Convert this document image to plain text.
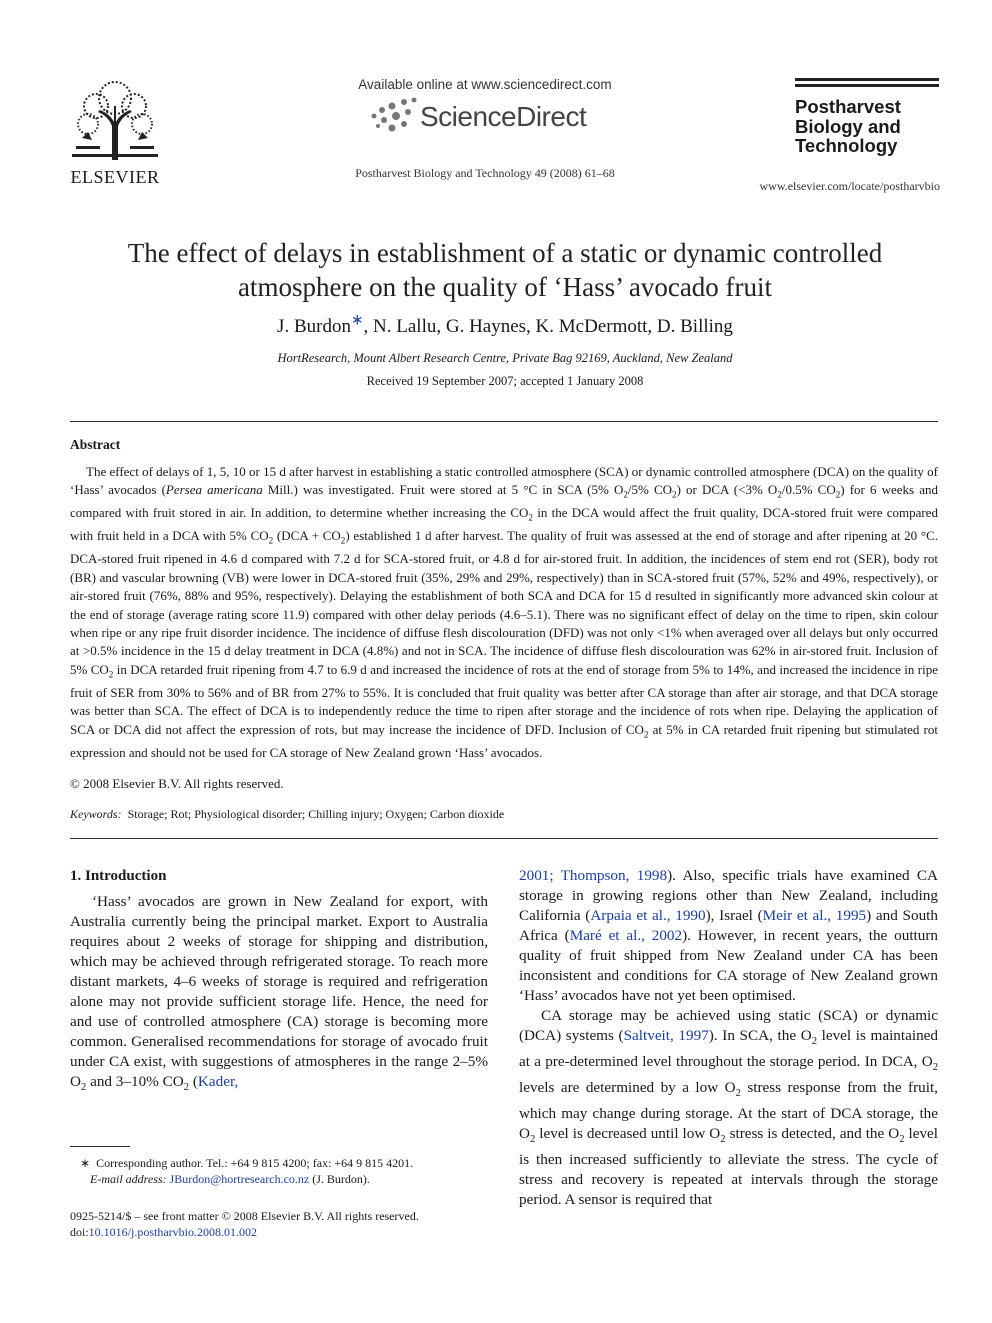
ELSEVIER
Available online at www.sciencedirect.com
ScienceDirect
Postharvest Biology and Technology 49 (2008) 61–68
Postharvest
Biology and
Technology
www.elsevier.com/locate/postharvbio
The effect of delays in establishment of a static or dynamic controlled atmosphere on the quality of ‘Hass’ avocado fruit
J. Burdon∗, N. Lallu, G. Haynes, K. McDermott, D. Billing
HortResearch, Mount Albert Research Centre, Private Bag 92169, Auckland, New Zealand
Received 19 September 2007; accepted 1 January 2008
Abstract
The effect of delays of 1, 5, 10 or 15 d after harvest in establishing a static controlled atmosphere (SCA) or dynamic controlled atmosphere (DCA) on the quality of ‘Hass’ avocados (Persea americana Mill.) was investigated. Fruit were stored at 5 °C in SCA (5% $O_2/5\%$ $CO_2$) or DCA (<3% $O_2/0.5\%$ $CO_2$) for 6 weeks and compared with fruit stored in air. In addition, to determine whether increasing the $CO_2$ in the DCA would affect the fruit quality, DCA-stored fruit were compared with fruit held in a DCA with 5% $CO_2$ $(DCA + CO_2)$ established 1 d after harvest. The quality of fruit was assessed at the end of storage and after ripening at 20 °C. DCA-stored fruit ripened in 4.6 d compared with 7.2 d for SCA-stored fruit, or 4.8 d for air-stored fruit. In addition, the incidences of stem end rot (SER), body rot (BR) and vascular browning (VB) were lower in DCA-stored fruit (35%, 29% and 29%, respectively) than in SCA-stored fruit (57%, 52% and 49%, respectively), or air-stored fruit (76%, 88% and 95%, respectively). Delaying the establishment of both SCA and DCA for 15 d resulted in significantly more advanced skin colour at the end of storage (average rating score 11.9) compared with other delay periods (4.6–5.1). There was no significant effect of delay on the time to ripen, skin colour when ripe or any ripe fruit disorder incidence. The incidence of diffuse flesh discolouration (DFD) was not only <1% when averaged over all delays but only occurred at >0.5% incidence in the 15 d delay treatment in DCA (4.8%) and not in SCA. The incidence of diffuse flesh discolouration was 62% in air-stored fruit. Inclusion of 5% $CO_2$ in DCA retarded fruit ripening from 4.7 to 6.9 d and increased the incidence of rots at the end of storage from 5% to 14%, and increased the incidence in ripe fruit of SER from 30% to 56% and of BR from 27% to 55%. It is concluded that fruit quality was better after CA storage than after air storage, and that DCA storage was better than SCA. The effect of DCA is to independently reduce the time to ripen after storage and the incidence of rots when ripe. Delaying the application of SCA or DCA did not affect the expression of rots, but may increase the incidence of DFD. Inclusion of $CO_2$ at 5% in CA retarded fruit ripening but stimulated rot expression and should not be used for CA storage of New Zealand grown ‘Hass’ avocados.
© 2008 Elsevier B.V. All rights reserved.
Keywords: Storage; Rot; Physiological disorder; Chilling injury; Oxygen; Carbon dioxide
1. Introduction
‘Hass’ avocados are grown in New Zealand for export, with Australia currently being the principal market. Export to Australia requires about 2 weeks of storage for shipping and distribution, which may be achieved through refrigerated storage. To reach more distant markets, 4–6 weeks of storage is required and refrigeration alone may not provide sufficient storage life. Hence, the need for and use of controlled atmosphere (CA) storage is becoming more common. Generalised recommendations for storage of avocado fruit under CA exist, with suggestions of atmospheres in the range 2–5% $O_2$ and 3–10% $CO_2$ (Kader,

2001; Thompson, 1998). Also, specific trials have examined CA storage in growing regions other than New Zealand, including California (Arpaia et al., 1990), Israel (Meir et al., 1995) and South Africa (Maré et al., 2002). However, in recent years, the outturn quality of fruit shipped from New Zealand under CA has been inconsistent and conditions for CA storage of New Zealand grown ‘Hass’ avocados have not yet been optimised.

CA storage may be achieved using static (SCA) or dynamic (DCA) systems (Saltveit, 1997). In SCA, the $O_2$ level is maintained at a pre-determined level throughout the storage period. In DCA, $O_2$ levels are determined by a low $O_2$ stress response from the fruit, which may change during storage. At the start of DCA storage, the $O_2$ level is decreased until low $O_2$ stress is detected, and the $O_2$ level is then increased sufficiently to alleviate the stress. The cycle of stress and recovery is repeated at intervals through the storage period. A sensor is required that

∗ Corresponding author. Tel.: +64 9 815 4200; fax: +64 9 815 4201.
E-mail address: JBurdon@hortresearch.co.nz (J. Burdon).
0925-5214/$ – see front matter © 2008 Elsevier B.V. All rights reserved.
doi:10.1016/j.postharvbio.2008.01.002
